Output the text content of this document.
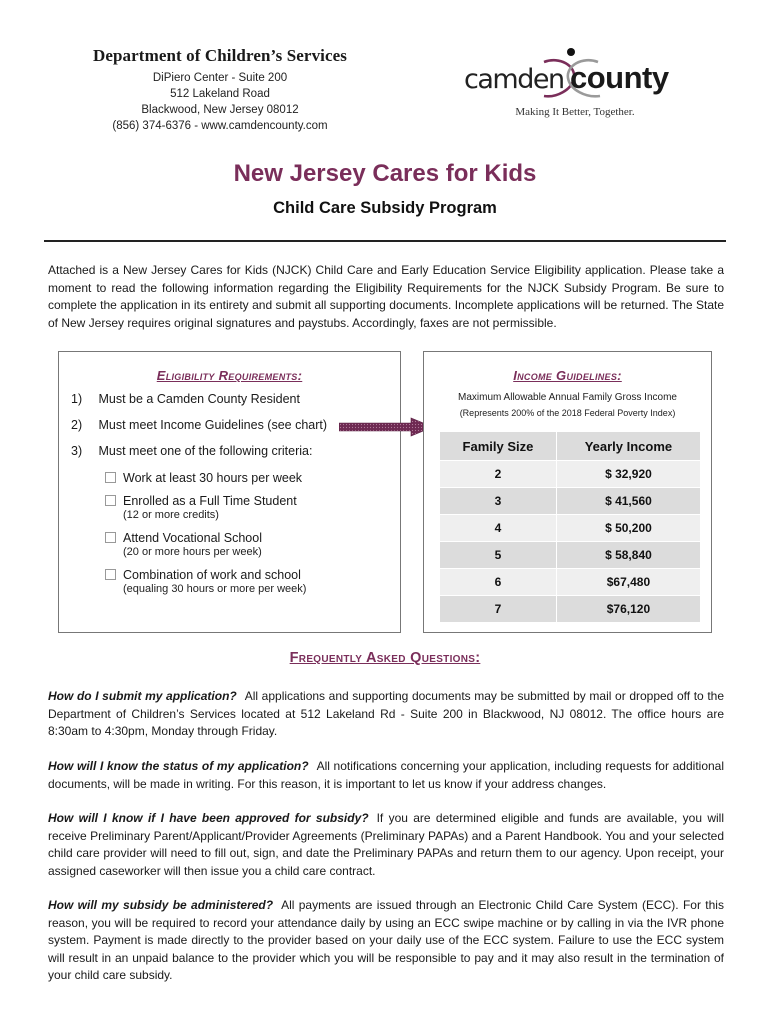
Department of Children’s Services
DiPiero Center - Suite 200
512 Lakeland Road
Blackwood, New Jersey 08012
(856) 374-6376 - www.camdencounty.com
camden county
Making It Better, Together.
New Jersey Cares for Kids
Child Care Subsidy Program
Attached is a New Jersey Cares for Kids (NJCK) Child Care and Early Education Service Eligibility application. Please take a moment to read the following information regarding the Eligibility Requirements for the NJCK Subsidy Program. Be sure to complete the application in its entirety and submit all supporting documents. Incomplete applications will be returned. The State of New Jersey requires original signatures and paystubs. Accordingly, faxes are not permissible.
Eligibility Requirements:
1) Must be a Camden County Resident
2) Must meet Income Guidelines (see chart)
3) Must meet one of the following criteria:
Work at least 30 hours per week
Enrolled as a Full Time Student
(12 or more credits)
Attend Vocational School
(20 or more hours per week)
Combination of work and school
(equaling 30 hours or more per week)
Income Guidelines:
Maximum Allowable Annual Family Gross Income
(Represents 200% of the 2018 Federal Poverty Index)
Family Size	Yearly Income
2	$ 32,920
3	$ 41,560
4	$ 50,200
5	$ 58,840
6	$67,480
7	$76,120
Frequently Asked Questions:
How do I submit my application? All applications and supporting documents may be submitted by mail or dropped off to the Department of Children’s Services located at 512 Lakeland Rd - Suite 200 in Blackwood, NJ 08012. The office hours are 8:30am to 4:30pm, Monday through Friday.
How will I know the status of my application? All notifications concerning your application, including requests for additional documents, will be made in writing. For this reason, it is important to let us know if your address changes.
How will I know if I have been approved for subsidy? If you are determined eligible and funds are available, you will receive Preliminary Parent/Applicant/Provider Agreements (Preliminary PAPAs) and a Parent Handbook. You and your selected child care provider will need to fill out, sign, and date the Preliminary PAPAs and return them to our agency. Upon receipt, your assigned caseworker will then issue you a child care contract.
How will my subsidy be administered? All payments are issued through an Electronic Child Care System (ECC). For this reason, you will be required to record your attendance daily by using an ECC swipe machine or by calling in via the IVR phone system. Payment is made directly to the provider based on your daily use of the ECC system. Failure to use the ECC system will result in an unpaid balance to the provider which you will be responsible to pay and it may also result in the termination of your child care subsidy.
